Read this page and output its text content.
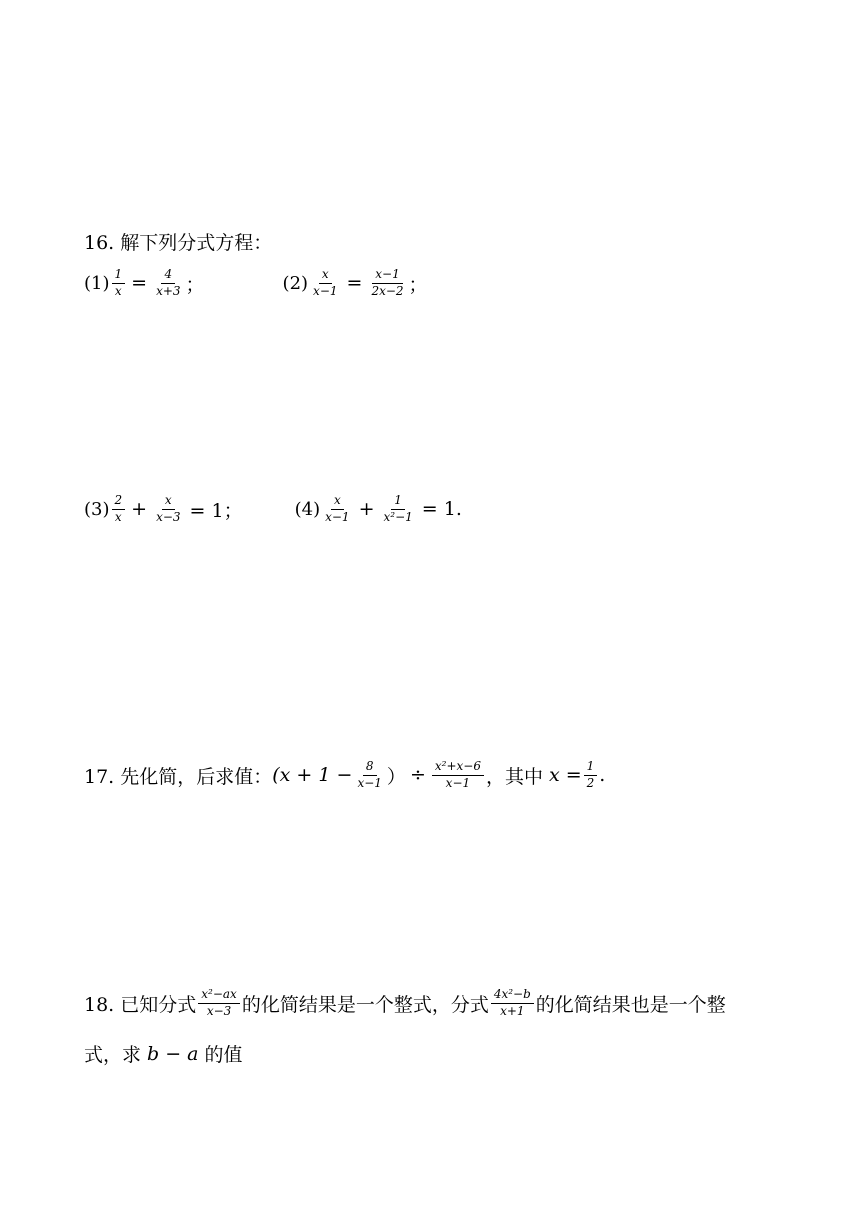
16. 解下列分式方程：
$(1) \frac{1}{x} = \frac{4}{x+3}$ ；	$(2) \frac{x}{x-1} = \frac{x-1}{2x-2}$ ；
$(3) \frac{2}{x} + \frac{x}{x-3} = 1$；	$(4) \frac{x}{x-1} + \frac{1}{\text{x²−1}} = 1$.
17. 先化简，后求值： ($x + 1 - \frac{8}{x-1}$ ） ÷ $\frac{\text{x²+x−6}}{x-1}$ ，其中 $x = \frac{1}{2}$ .
18. 已知分式 $\frac{\text{x²−ax}}{x-3}$ 的化简结果是一个整式，分式 $\frac{\text{4x²−b}}{x+1}$ 的化简结果也是一个整
式，求 b − a 的值
